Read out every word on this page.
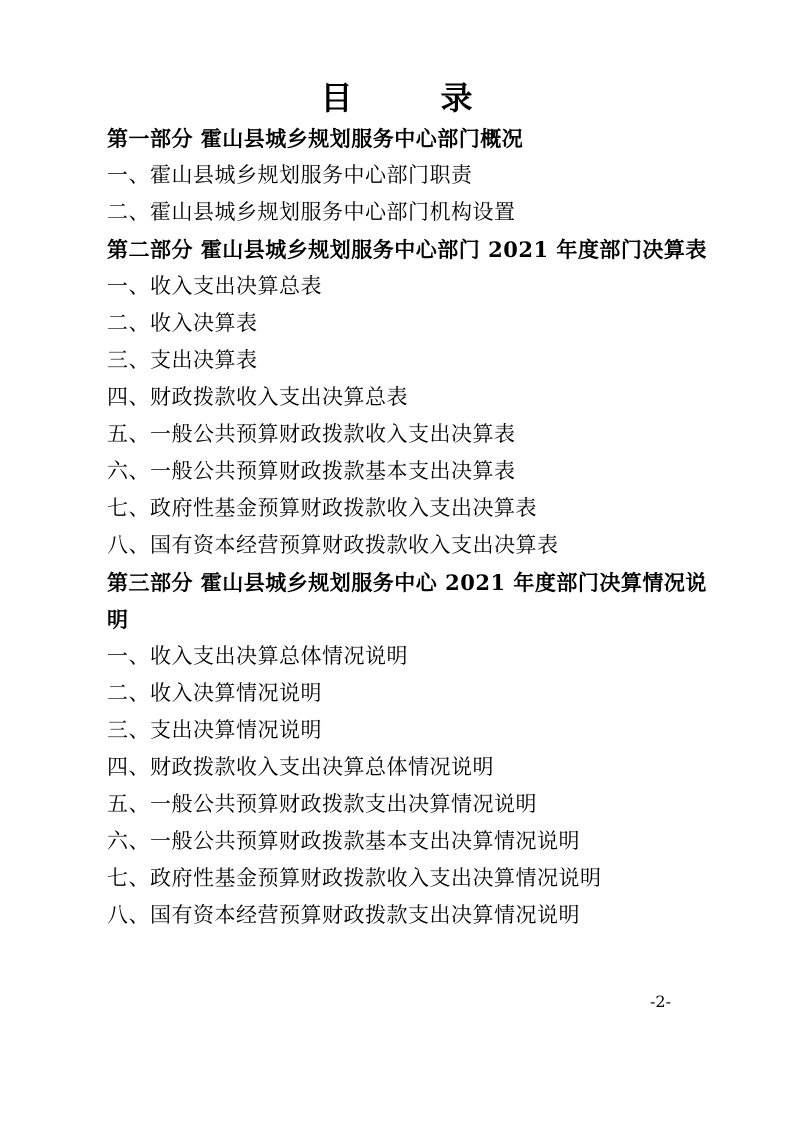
目　录
第一部分 霍山县城乡规划服务中心部门概况
一、霍山县城乡规划服务中心部门职责
二、霍山县城乡规划服务中心部门机构设置
第二部分 霍山县城乡规划服务中心部门 2021 年度部门决算表
一、收入支出决算总表
二、收入决算表
三、支出决算表
四、财政拨款收入支出决算总表
五、一般公共预算财政拨款收入支出决算表
六、一般公共预算财政拨款基本支出决算表
七、政府性基金预算财政拨款收入支出决算表
八、国有资本经营预算财政拨款收入支出决算表
第三部分 霍山县城乡规划服务中心 2021 年度部门决算情况说明
一、收入支出决算总体情况说明
二、收入决算情况说明
三、支出决算情况说明
四、财政拨款收入支出决算总体情况说明
五、一般公共预算财政拨款支出决算情况说明
六、一般公共预算财政拨款基本支出决算情况说明
七、政府性基金预算财政拨款收入支出决算情况说明
八、国有资本经营预算财政拨款支出决算情况说明
-2-
